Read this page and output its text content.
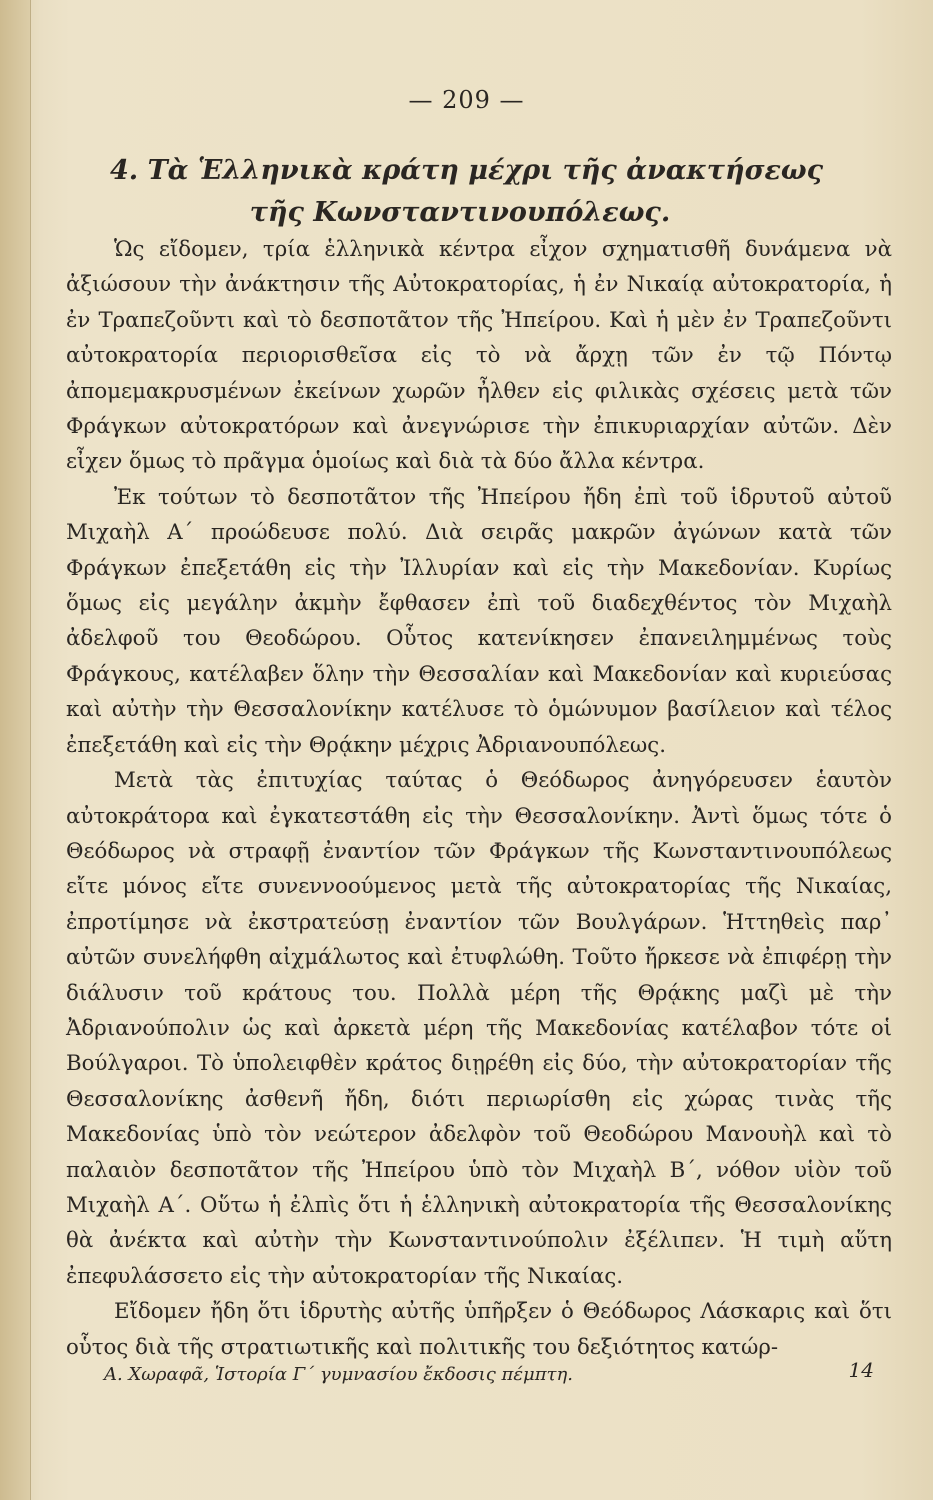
— 209 —
4. Τὰ Ἑλληνικὰ κράτη μέχρι τῆς ἀνακτήσεως
τῆς Κωνσταντινουπόλεως.

Ὡς εἴδομεν, τρία ἑλληνικὰ κέντρα εἶχον σχηματισθῆ δυνάμενα νὰ ἀξιώσουν τὴν ἀνάκτησιν τῆς Αὐτοκρατορίας, ἡ ἐν Νικαίᾳ αὐτοκρατορία, ἡ ἐν Τραπεζοῦντι καὶ τὸ δεσποτᾶτον τῆς Ἠπείρου. Καὶ ἡ μὲν ἐν Τραπεζοῦντι αὐτοκρατορία περιορισθεῖσα εἰς τὸ νὰ ἄρχῃ τῶν ἐν τῷ Πόντῳ ἀπομεμακρυσμένων ἐκείνων χωρῶν ἦλθεν εἰς φιλικὰς σχέσεις μετὰ τῶν Φράγκων αὐτοκρατόρων καὶ ἀνεγνώρισε τὴν ἐπικυριαρχίαν αὐτῶν. Δὲν εἶχεν ὅμως τὸ πρᾶγμα ὁμοίως καὶ διὰ τὰ δύο ἄλλα κέντρα.

Ἐκ τούτων τὸ δεσποτᾶτον τῆς Ἠπείρου ἤδη ἐπὶ τοῦ ἱδρυτοῦ αὐτοῦ Μιχαὴλ Α΄ προώδευσε πολύ. Διὰ σειρᾶς μακρῶν ἀγώνων κατὰ τῶν Φράγκων ἐπεξετάθη εἰς τὴν Ἰλλυρίαν καὶ εἰς τὴν Μακεδονίαν. Κυρίως ὅμως εἰς μεγάλην ἀκμὴν ἔφθασεν ἐπὶ τοῦ διαδεχθέντος τὸν Μιχαὴλ ἀδελφοῦ του Θεοδώρου. Οὗτος κατενίκησεν ἐπανειλημμένως τοὺς Φράγκους, κατέλαβεν ὅλην τὴν Θεσσαλίαν καὶ Μακεδονίαν καὶ κυριεύσας καὶ αὐτὴν τὴν Θεσσαλονίκην κατέλυσε τὸ ὁμώνυμον βασίλειον καὶ τέλος ἐπεξετάθη καὶ εἰς τὴν Θρᾴκην μέχρις Ἀδριανουπόλεως.

Μετὰ τὰς ἐπιτυχίας ταύτας ὁ Θεόδωρος ἀνηγόρευσεν ἑαυτὸν αὐτοκράτορα καὶ ἐγκατεστάθη εἰς τὴν Θεσσαλονίκην. Ἀντὶ ὅμως τότε ὁ Θεόδωρος νὰ στραφῇ ἐναντίον τῶν Φράγκων τῆς Κωνσταντινουπόλεως εἴτε μόνος εἴτε συνεννοούμενος μετὰ τῆς αὐτοκρατορίας τῆς Νικαίας, ἐπροτίμησε νὰ ἐκστρατεύσῃ ἐναντίον τῶν Βουλγάρων. Ἡττηθεὶς παρ᾽ αὐτῶν συνελήφθη αἰχμάλωτος καὶ ἐτυφλώθη. Τοῦτο ἤρκεσε νὰ ἐπιφέρῃ τὴν διάλυσιν τοῦ κράτους του. Πολλὰ μέρη τῆς Θρᾴκης μαζὶ μὲ τὴν Ἀδριανούπολιν ὡς καὶ ἀρκετὰ μέρη τῆς Μακεδονίας κατέλαβον τότε οἱ Βούλγαροι. Τὸ ὑπολειφθὲν κράτος διῃρέθη εἰς δύο, τὴν αὐτοκρατορίαν τῆς Θεσσαλονίκης ἀσθενῆ ἤδη, διότι περιωρίσθη εἰς χώρας τινὰς τῆς Μακεδονίας ὑπὸ τὸν νεώτερον ἀδελφὸν τοῦ Θεοδώρου Μανουὴλ καὶ τὸ παλαιὸν δεσποτᾶτον τῆς Ἠπείρου ὑπὸ τὸν Μιχαὴλ Β΄, νόθον υἱὸν τοῦ Μιχαὴλ Α΄. Οὕτω ἡ ἐλπὶς ὅτι ἡ ἑλληνικὴ αὐτοκρατορία τῆς Θεσσαλονίκης θὰ ἀνέκτα καὶ αὐτὴν τὴν Κωνσταντινούπολιν ἐξέλιπεν. Ἡ τιμὴ αὕτη ἐπεφυλάσσετο εἰς τὴν αὐτοκρατορίαν τῆς Νικαίας.

Εἴδομεν ἤδη ὅτι ἱδρυτὴς αὐτῆς ὑπῆρξεν ὁ Θεόδωρος Λάσκαρις καὶ ὅτι οὗτος διὰ τῆς στρατιωτικῆς καὶ πολιτικῆς του δεξιότητος κατώρ-

Α. Χωραφᾶ, Ἱστορία Γ΄ γυμνασίου ἔκδοσις πέμπτη.	14
